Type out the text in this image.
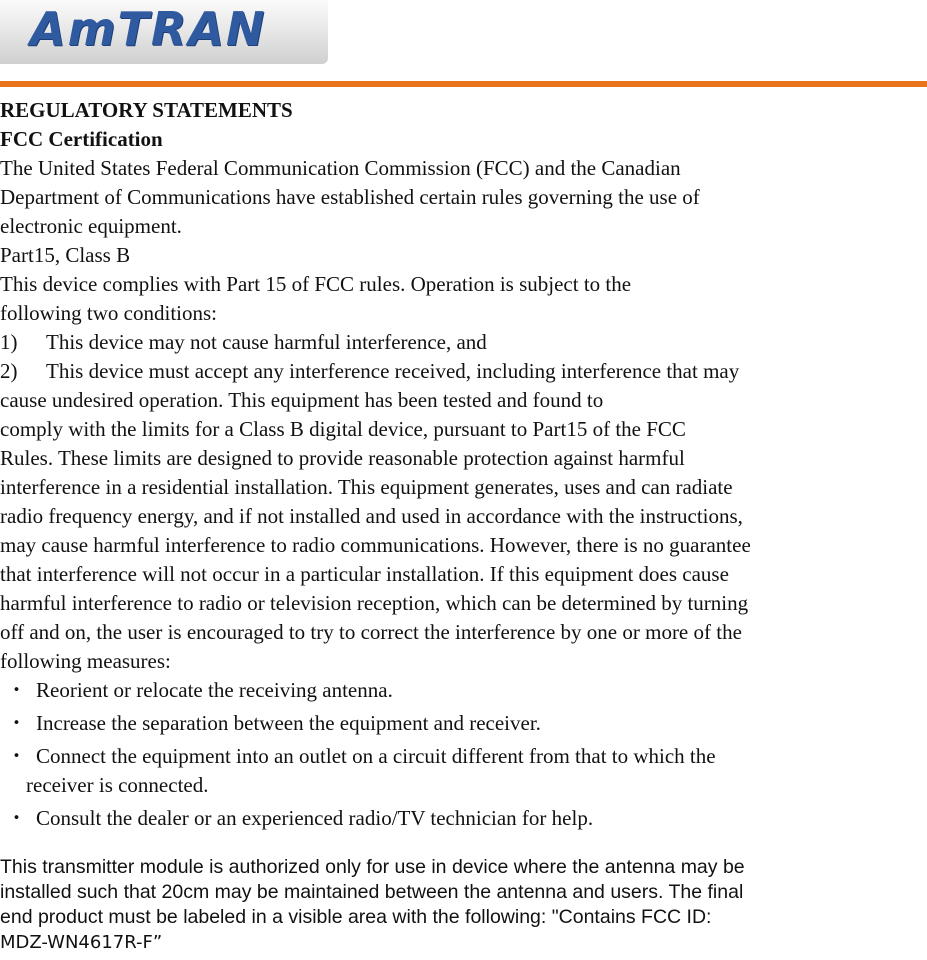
AmTRAN

REGULATORY STATEMENTS

FCC Certification

The United States Federal Communication Commission (FCC) and the Canadian

Department of Communications have established certain rules governing the use of

electronic equipment.

Part15, Class B

This device complies with Part 15 of FCC rules. Operation is subject to the

following two conditions:

1) This device may not cause harmful interference, and

2) This device must accept any interference received, including interference that may

cause undesired operation. This equipment has been tested and found to

comply with the limits for a Class B digital device, pursuant to Part15 of the FCC

Rules. These limits are designed to provide reasonable protection against harmful

interference in a residential installation. This equipment generates, uses and can radiate

radio frequency energy, and if not installed and used in accordance with the instructions,

may cause harmful interference to radio communications. However, there is no guarantee

that interference will not occur in a particular installation. If this equipment does cause

harmful interference to radio or television reception, which can be determined by turning

off and on, the user is encouraged to try to correct the interference by one or more of the

following measures:

・ Reorient or relocate the receiving antenna.

・ Increase the separation between the equipment and receiver.

・ Connect the equipment into an outlet on a circuit different from that to which the

receiver is connected.

・ Consult the dealer or an experienced radio/TV technician for help.

This transmitter module is authorized only for use in device where the antenna may be

installed such that 20cm may be maintained between the antenna and users. The final

end product must be labeled in a visible area with the following: "Contains FCC ID:

MDZ-WN4617R-F”
